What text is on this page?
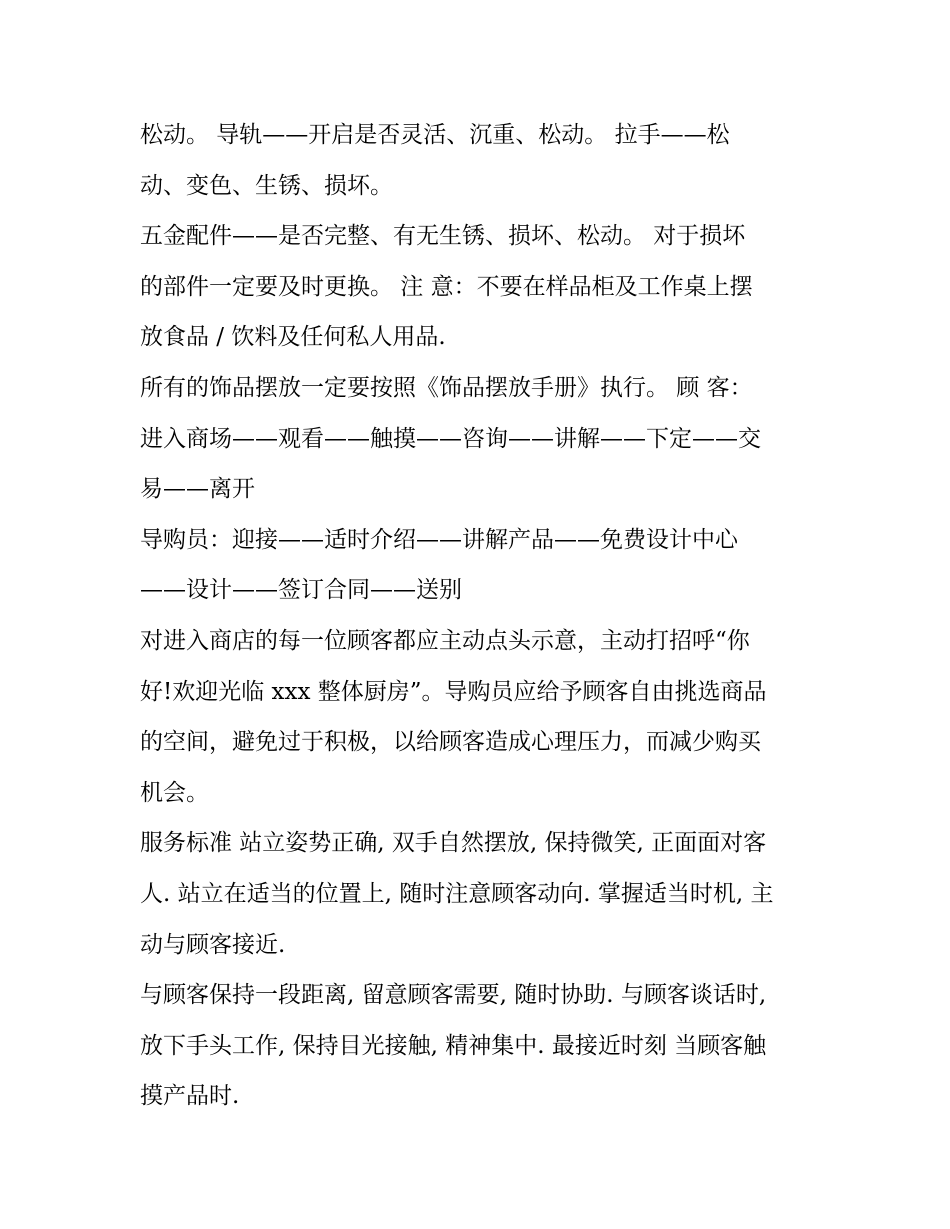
松动。 导轨——开启是否灵活、沉重、松动。 拉手——松
动、变色、生锈、损坏。

五金配件——是否完整、有无生锈、损坏、松动。 对于损坏
的部件一定要及时更换。 注 意：不要在样品柜及工作桌上摆
放食品 / 饮料及任何私人用品.

所有的饰品摆放一定要按照《饰品摆放手册》执行。 顾 客：
进入商场——观看——触摸——咨询——讲解——下定——交
易——离开

导购员：迎接——适时介绍——讲解产品——免费设计中心
——设计——签订合同——送别

对进入商店的每一位顾客都应主动点头示意，主动打招呼“你
好!欢迎光临 xxx 整体厨房”。导购员应给予顾客自由挑选商品
的空间，避免过于积极，以给顾客造成心理压力，而减少购买
机会。

服务标准 站立姿势正确, 双手自然摆放, 保持微笑, 正面面对客
人. 站立在适当的位置上, 随时注意顾客动向. 掌握适当时机, 主
动与顾客接近.

与顾客保持一段距离, 留意顾客需要, 随时协助. 与顾客谈话时,
放下手头工作, 保持目光接触, 精神集中. 最接近时刻 当顾客触
摸产品时.
